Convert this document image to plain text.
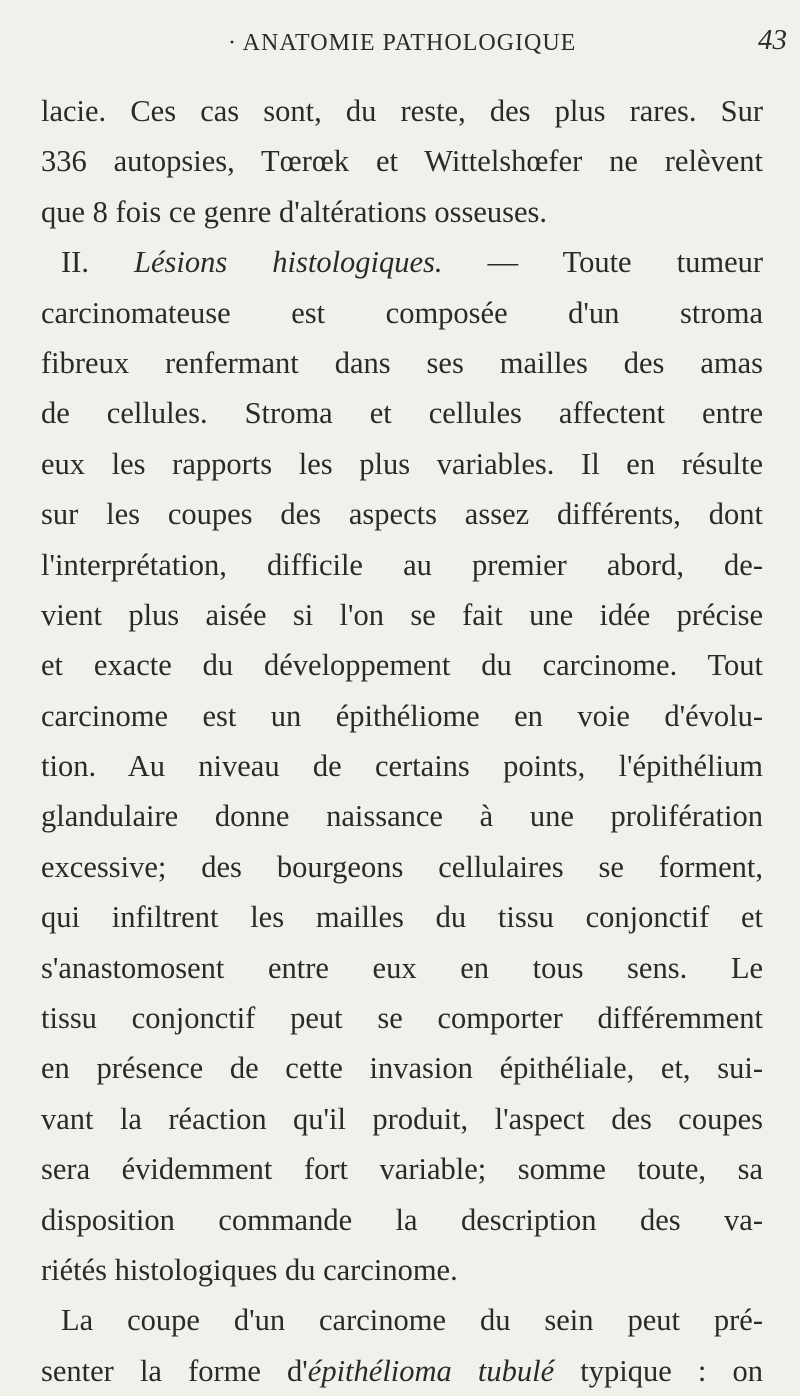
· ANATOMIE PATHOLOGIQUE	43
lacie. Ces cas sont, du reste, des plus rares. Sur
336 autopsies, Tœrœk et Wittelshœfer ne relèvent
que 8 fois ce genre d'altérations osseuses.
II. Lésions histologiques. — Toute tumeur
carcinomateuse est composée d'un stroma
fibreux renfermant dans ses mailles des amas
de cellules. Stroma et cellules affectent entre
eux les rapports les plus variables. Il en résulte
sur les coupes des aspects assez différents, dont
l'interprétation, difficile au premier abord, de-
vient plus aisée si l'on se fait une idée précise
et exacte du développement du carcinome. Tout
carcinome est un épithéliome en voie d'évolu-
tion. Au niveau de certains points, l'épithélium
glandulaire donne naissance à une prolifération
excessive; des bourgeons cellulaires se forment,
qui infiltrent les mailles du tissu conjonctif et
s'anastomosent entre eux en tous sens. Le
tissu conjonctif peut se comporter différemment
en présence de cette invasion épithéliale, et, sui-
vant la réaction qu'il produit, l'aspect des coupes
sera évidemment fort variable; somme toute, sa
disposition commande la description des va-
riétés histologiques du carcinome.
La coupe d'un carcinome du sein peut pré-
senter la forme d'épithélioma tubulé typique : on
